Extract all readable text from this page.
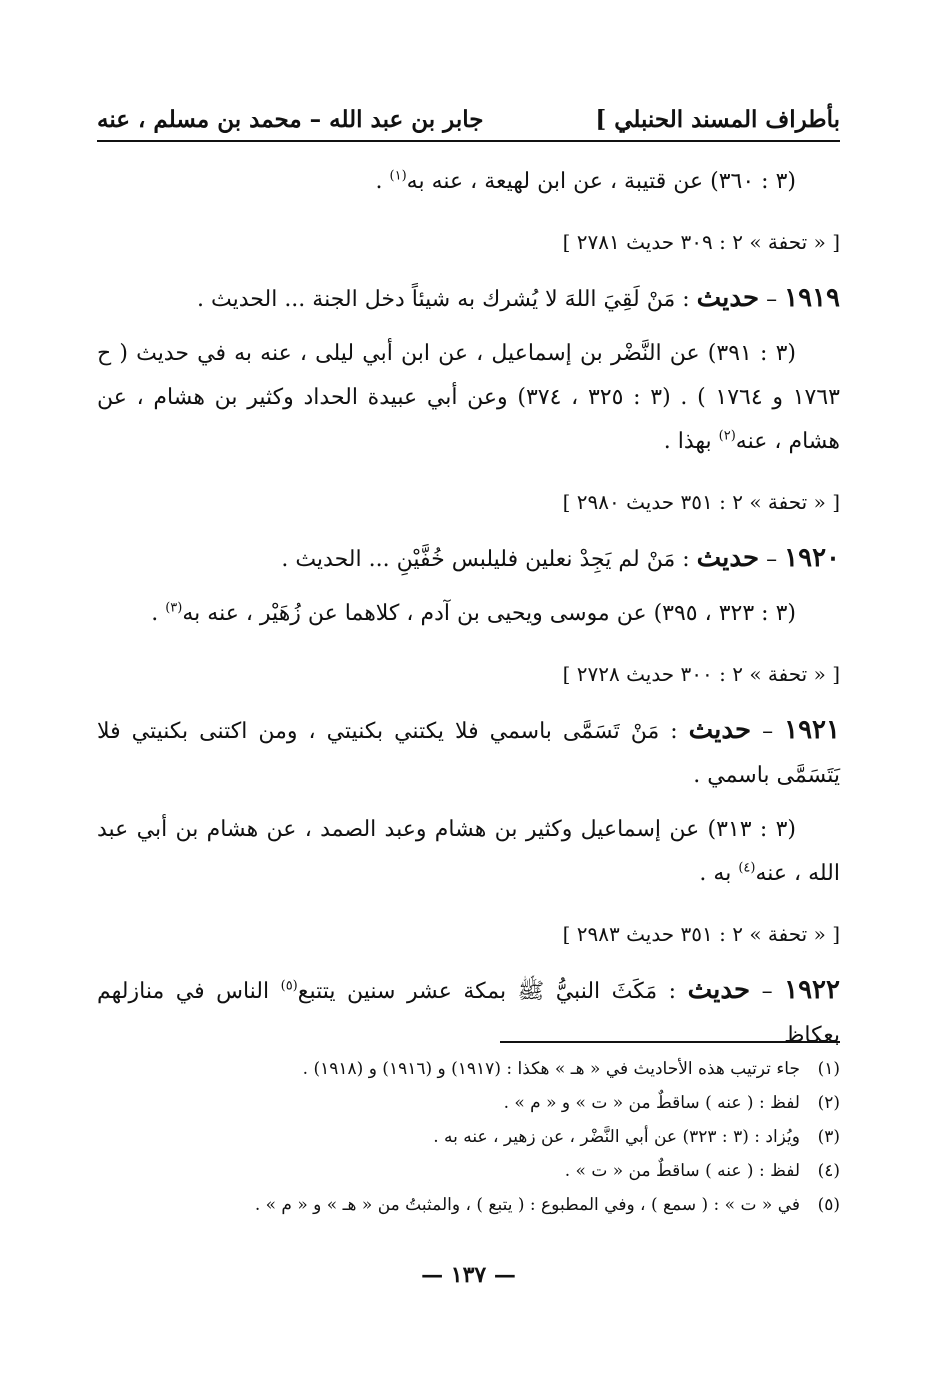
بأطراف المسند الحنبلي ]
جابر بن عبد الله – محمد بن مسلم ، عنه

(٣ : ٣٦٠) عن قتيبة ، عن ابن لهيعة ، عنه به$^{(١)}$ .

[ « تحفة » ٢ : ٣٠٩ حديث ٢٧٨١ ]

١٩١٩ – حديث : مَنْ لَقِيَ اللهَ لا يُشرك به شيئاً دخل الجنة ... الحديث .

(٣ : ٣٩١) عن النَّضْر بن إسماعيل ، عن ابن أبي ليلى ، عنه به في حديث ( ح ١٧٦٣ و ١٧٦٤ ) . (٣ : ٣٢٥ ، ٣٧٤) وعن أبي عبيدة الحداد وكثير بن هشام ، عن هشام ، عنه$^{(٢)}$ بهذا .

[ « تحفة » ٢ : ٣٥١ حديث ٢٩٨٠ ]

١٩٢٠ – حديث : مَنْ لم يَجِدْ نعلين فليلبس خُفَّيْنِ ... الحديث .

(٣ : ٣٢٣ ، ٣٩٥) عن موسى ويحيى بن آدم ، كلاهما عن زُهَيْر ، عنه به$^{(٣)}$ .

[ « تحفة » ٢ : ٣٠٠ حديث ٢٧٢٨ ]

١٩٢١ – حديث : مَنْ تَسَمَّى باسمي فلا يكتني بكنيتي ، ومن اكتنى بكنيتي فلا يَتَسَمَّى باسمي .

(٣ : ٣١٣) عن إسماعيل وكثير بن هشام وعبد الصمد ، عن هشام بن أبي عبد الله ، عنه$^{(٤)}$ به .

[ « تحفة » ٢ : ٣٥١ حديث ٢٩٨٣ ]

١٩٢٢ – حديث : مَكَثَ النبيُّ ﷺ بمكة عشر سنين يتتبع$^{(٥)}$ الناس في منازلهم بعكاظ

(١)
جاء ترتيب هذه الأحاديث في « هـ » هكذا : (١٩١٧) و (١٩١٦) و (١٩١٨) .
(٢)
لفظ : ( عنه ) ساقطٌ من « ت » و « م » .
(٣)
ويُزاد : (٣ : ٣٢٣) عن أبي النَّضْر ، عن زهير ، عنه به .
(٤)
لفظ : ( عنه ) ساقطٌ من « ت » .
(٥)
في « ت » : ( سمع ) ، وفي المطبوع : ( يتبع ) ، والمثبتُ من « هـ » و « م » .
— ١٣٧ —
